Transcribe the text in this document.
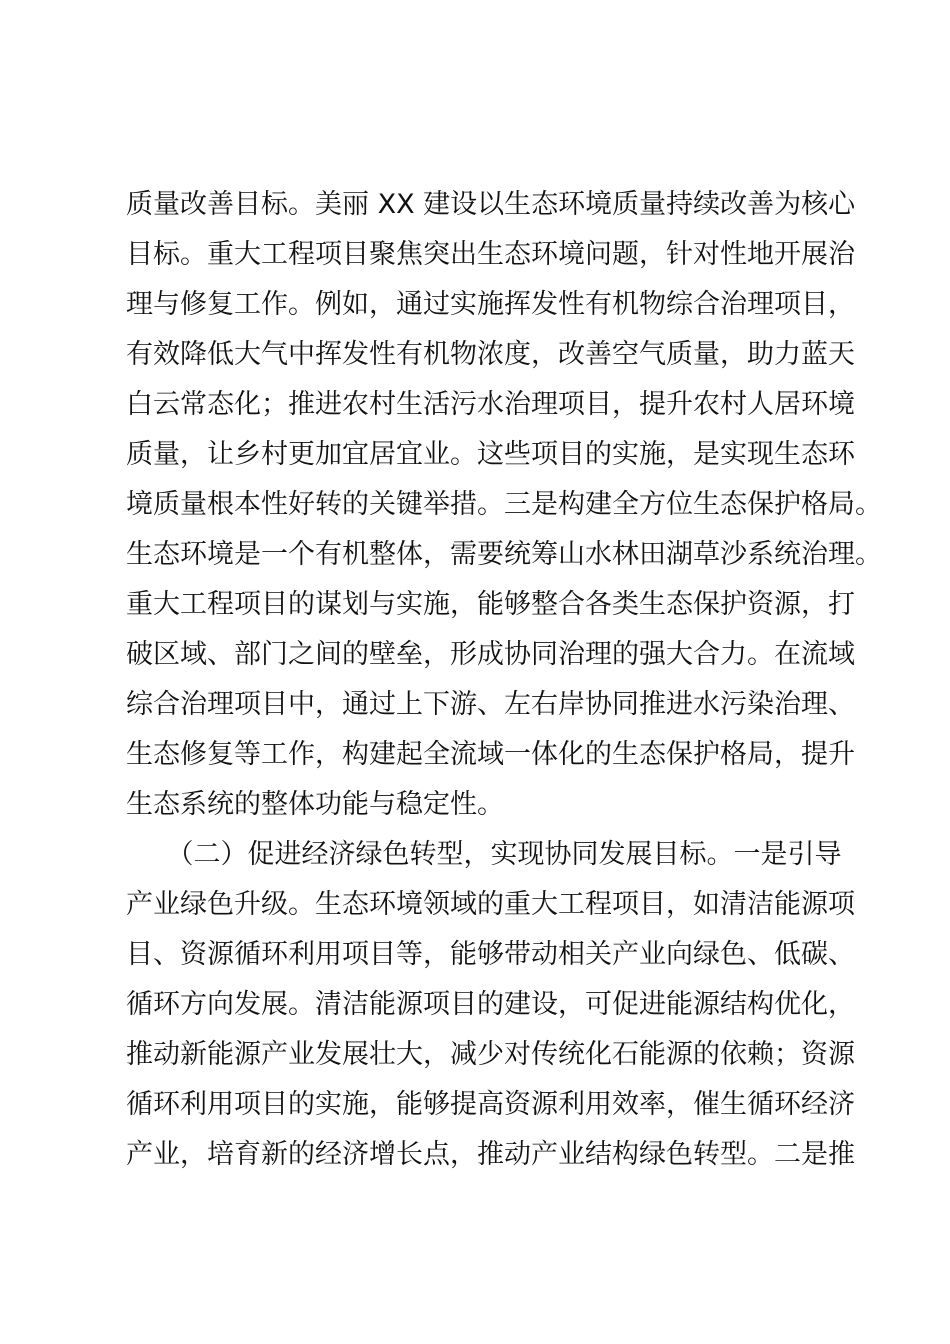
质量改善目标。美丽 XX 建设以生态环境质量持续改善为核心
目标。重大工程项目聚焦突出生态环境问题，针对性地开展治
理与修复工作。例如，通过实施挥发性有机物综合治理项目，
有效降低大气中挥发性有机物浓度，改善空气质量，助力蓝天
白云常态化；推进农村生活污水治理项目，提升农村人居环境
质量，让乡村更加宜居宜业。这些项目的实施，是实现生态环
境质量根本性好转的关键举措。三是构建全方位生态保护格局。
生态环境是一个有机整体，需要统筹山水林田湖草沙系统治理。
重大工程项目的谋划与实施，能够整合各类生态保护资源，打
破区域、部门之间的壁垒，形成协同治理的强大合力。在流域
综合治理项目中，通过上下游、左右岸协同推进水污染治理、
生态修复等工作，构建起全流域一体化的生态保护格局，提升
生态系统的整体功能与稳定性。
　　（二）促进经济绿色转型，实现协同发展目标。一是引导
产业绿色升级。生态环境领域的重大工程项目，如清洁能源项
目、资源循环利用项目等，能够带动相关产业向绿色、低碳、
循环方向发展。清洁能源项目的建设，可促进能源结构优化，
推动新能源产业发展壮大，减少对传统化石能源的依赖；资源
循环利用项目的实施，能够提高资源利用效率，催生循环经济
产业，培育新的经济增长点，推动产业结构绿色转型。二是推
